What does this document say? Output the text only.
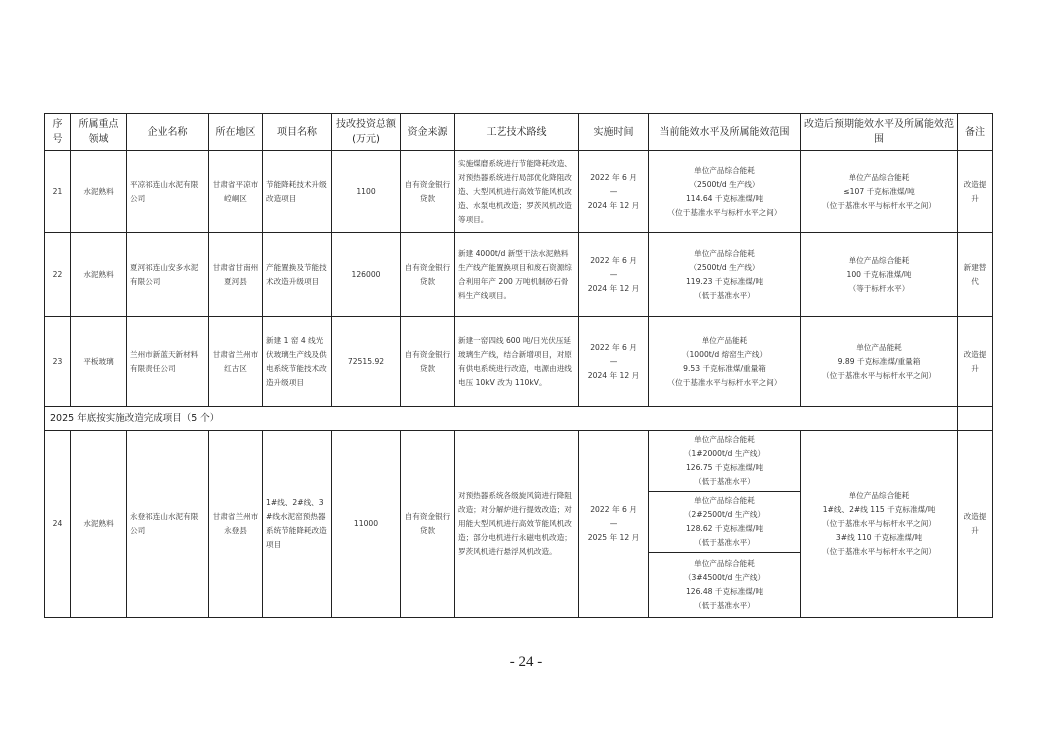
序号	所属重点领域	企业名称	所在地区	项目名称	技改投资总额(万元)	资金来源	工艺技术路线	实施时间	当前能效水平及所属能效范围	改造后预期能效水平及所属能效范围	备注
21	水泥熟料	平凉祁连山水泥有限公司	甘肃省平凉市崆峒区	节能降耗技术升级改造项目	1100	自有资金银行贷款	实施煤磨系统进行节能降耗改造、对预热器系统进行局部优化降阻改造、大型风机进行高效节能风机改造、水泵电机改造；罗茨风机改造等项目。	2022 年 6 月
—
2024 年 12 月	单位产品综合能耗
（2500t/d 生产线）
114.64 千克标准煤/吨
（位于基准水平与标杆水平之间）	单位产品综合能耗
≤107 千克标准煤/吨
（位于基准水平与标杆水平之间）	改造提升
22	水泥熟料	夏河祁连山安多水泥有限公司	甘肃省甘南州夏河县	产能置换及节能技术改造升级项目	126000	自有资金银行贷款	新建 4000t/d 新型干法水泥熟料生产线产能置换项目和废石资源综合利用年产 200 万吨机制砂石骨料生产线项目。	2022 年 6 月
—
2024 年 12 月	单位产品综合能耗
（2500t/d 生产线）
119.23 千克标准煤/吨
（低于基准水平）	单位产品综合能耗
100 千克标准煤/吨
（等于标杆水平）	新建替代
23	平板玻璃	兰州市新蓝天新材料有限责任公司	甘肃省兰州市红古区	新建 1 窑 4 线光伏玻璃生产线及供电系统节能技术改造升级项目	72515.92	自有资金银行贷款	新建一窑四线 600 吨/日光伏压延玻璃生产线，结合新增项目，对原有供电系统进行改造，电源由进线电压 10kV 改为 110kV。	2022 年 6 月
—
2024 年 12 月	单位产品能耗
（1000t/d 熔窑生产线）
9.53 千克标准煤/重量箱
（位于基准水平与标杆水平之间）	单位产品能耗
9.89 千克标准煤/重量箱
（位于基准水平与标杆水平之间）	改造提升
2025 年底按实施改造完成项目（5 个）											
24	水泥熟料	永登祁连山水泥有限公司	甘肃省兰州市永登县	1#线、2#线、3#线水泥窑预热器系统节能降耗改造项目	11000	自有资金银行贷款	对预热器系统各级旋风筒进行降阻改造；对分解炉进行提效改造；对用能大型风机进行高效节能风机改造；部分电机进行永磁电机改造；罗茨风机进行悬浮风机改造。	2022 年 6 月
—
2025 年 12 月	单位产品综合能耗
（1#2000t/d 生产线）
126.75 千克标准煤/吨
（低于基准水平）	单位产品综合能耗
1#线、2#线 115 千克标准煤/吨
（位于基准水平与标杆水平之间）
3#线 110 千克标准煤/吨
（位于基准水平与标杆水平之间）	改造提升

									单位产品综合能耗
（2#2500t/d 生产线）
128.62 千克标准煤/吨
（低于基准水平）		

									单位产品综合能耗
（3#4500t/d 生产线）
126.48 千克标准煤/吨
（低于基准水平）		
- 24 -
